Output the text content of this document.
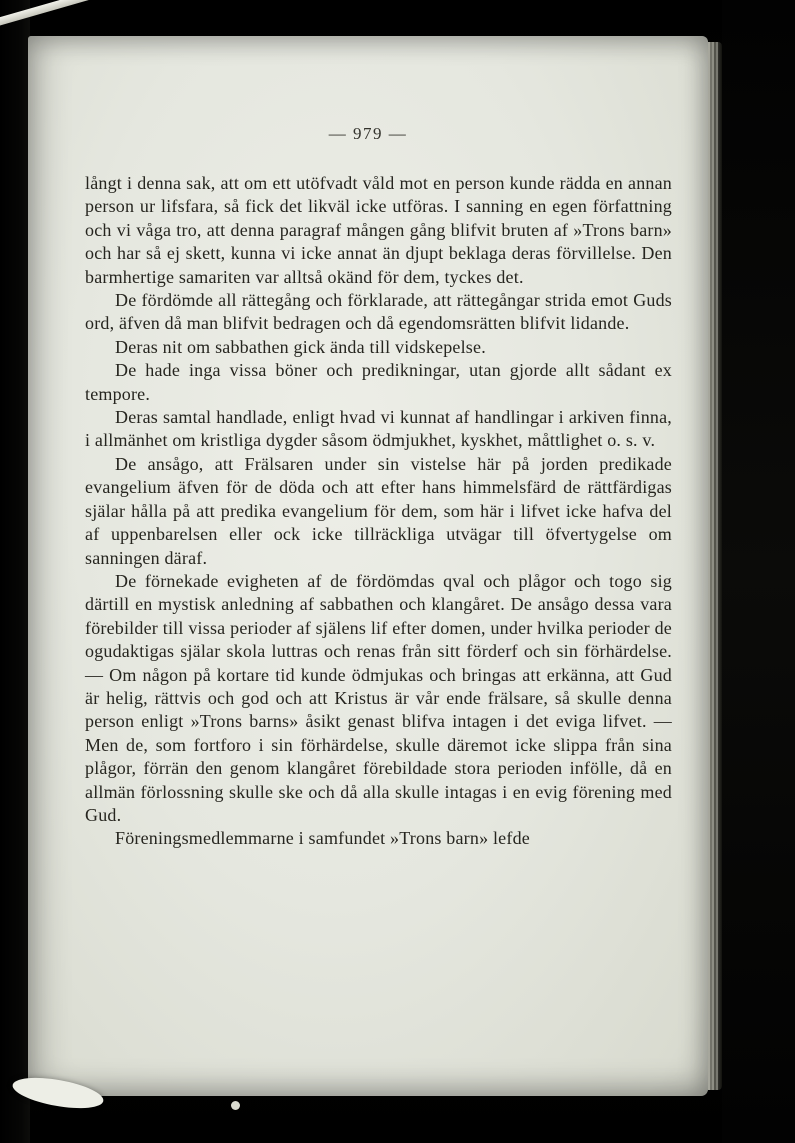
— 979 —

långt i denna sak, att om ett utöfvadt våld mot en person kunde rädda en annan person ur lifsfara, så fick det likväl icke utföras. I sanning en egen författning och vi våga tro, att denna paragraf mången gång blifvit bruten af »Trons barn» och har så ej skett, kunna vi icke annat än djupt beklaga deras förvillelse. Den barmhertige samariten var alltså okänd för dem, tyckes det.

De fördömde all rättegång och förklarade, att rättegångar strida emot Guds ord, äfven då man blifvit bedragen och då egendomsrätten blifvit lidande.

Deras nit om sabbathen gick ända till vidskepelse.

De hade inga vissa böner och predikningar, utan gjorde allt sådant ex tempore.

Deras samtal handlade, enligt hvad vi kunnat af handlingar i arkiven finna, i allmänhet om kristliga dygder såsom ödmjukhet, kyskhet, måttlighet o. s. v.

De ansågo, att Frälsaren under sin vistelse här på jorden predikade evangelium äfven för de döda och att efter hans himmelsfärd de rättfärdigas själar hålla på att predika evangelium för dem, som här i lifvet icke hafva del af uppenbarelsen eller ock icke tillräckliga utvägar till öfvertygelse om sanningen däraf.

De förnekade evigheten af de fördömdas qval och plågor och togo sig därtill en mystisk anledning af sabbathen och klangåret. De ansågo dessa vara förebilder till vissa perioder af själens lif efter domen, under hvilka perioder de ogudaktigas själar skola luttras och renas från sitt förderf och sin förhärdelse. — Om någon på kortare tid kunde ödmjukas och bringas att erkänna, att Gud är helig, rättvis och god och att Kristus är vår ende frälsare, så skulle denna person enligt »Trons barns» åsikt genast blifva intagen i det eviga lifvet. — Men de, som fortforo i sin förhärdelse, skulle däremot icke slippa från sina plågor, förrän den genom klangåret förebildade stora perioden infölle, då en allmän förlossning skulle ske och då alla skulle intagas i en evig förening med Gud.

Föreningsmedlemmarne i samfundet »Trons barn» lefde
